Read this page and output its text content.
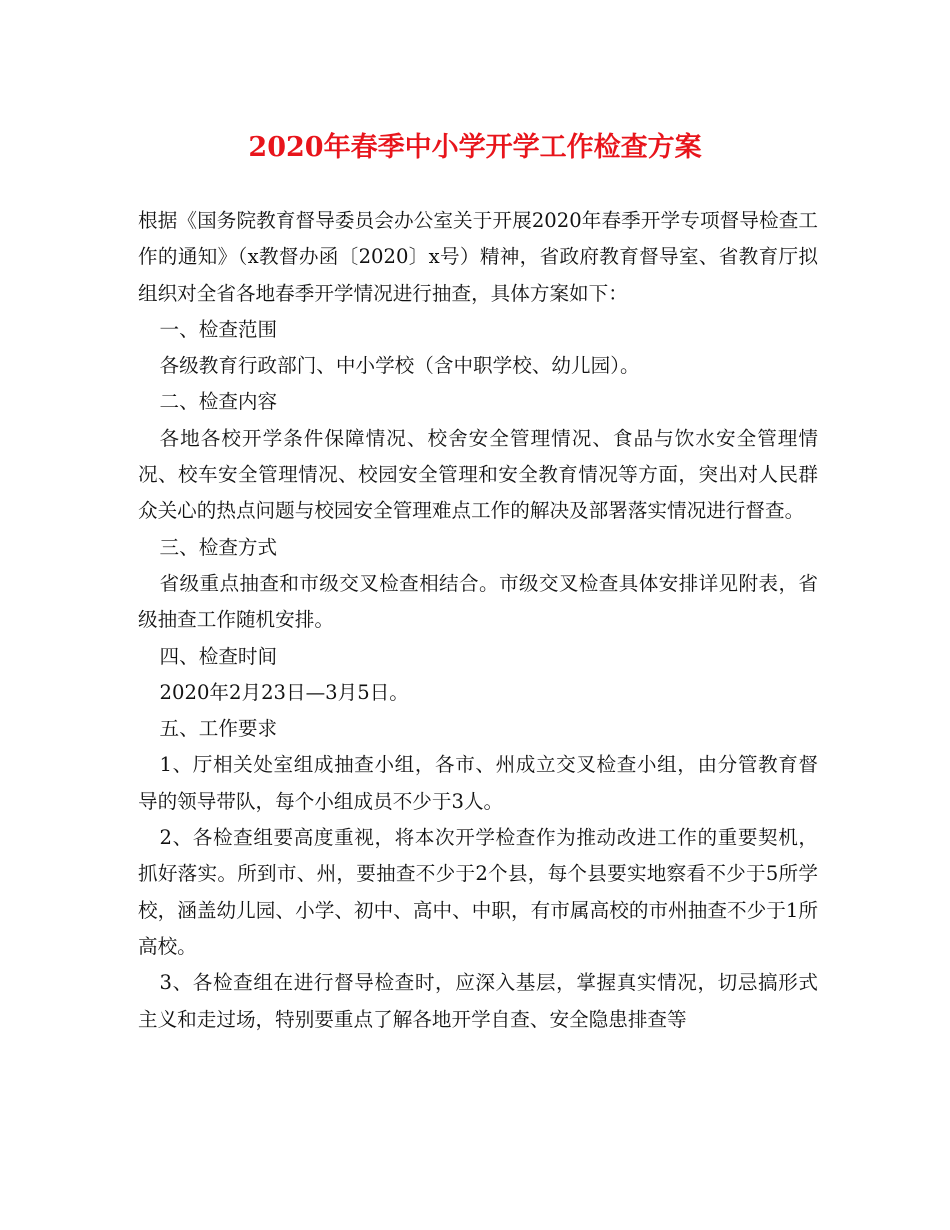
2020年春季中小学开学工作检查方案

根据《国务院教育督导委员会办公室关于开展2020年春季开学专项督导检查工作的通知》（x教督办函〔2020〕x号）精神，省政府教育督导室、省教育厅拟组织对全省各地春季开学情况进行抽查，具体方案如下：

一、检查范围

各级教育行政部门、中小学校（含中职学校、幼儿园）。

二、检查内容

各地各校开学条件保障情况、校舍安全管理情况、食品与饮水安全管理情况、校车安全管理情况、校园安全管理和安全教育情况等方面，突出对人民群众关心的热点问题与校园安全管理难点工作的解决及部署落实情况进行督查。

三、检查方式

省级重点抽查和市级交叉检查相结合。市级交叉检查具体安排详见附表，省级抽查工作随机安排。

四、检查时间

2020年2月23日—3月5日。

五、工作要求

1、厅相关处室组成抽查小组，各市、州成立交叉检查小组，由分管教育督导的领导带队，每个小组成员不少于3人。

2、各检查组要高度重视，将本次开学检查作为推动改进工作的重要契机，抓好落实。所到市、州，要抽查不少于2个县，每个县要实地察看不少于5所学校，涵盖幼儿园、小学、初中、高中、中职，有市属高校的市州抽查不少于1所高校。

3、各检查组在进行督导检查时，应深入基层，掌握真实情况，切忌搞形式主义和走过场，特别要重点了解各地开学自查、安全隐患排查等
